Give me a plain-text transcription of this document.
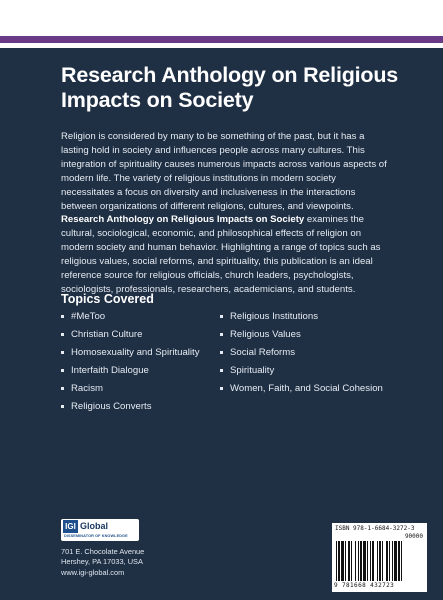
Research Anthology on Religious Impacts on Society

Religion is considered by many to be something of the past, but it has a lasting hold in society and influences people across many cultures. This integration of spirituality causes numerous impacts across various aspects of modern life. The variety of religious institutions in modern society necessitates a focus on diversity and inclusiveness in the interactions between organizations of different religions, cultures, and viewpoints.

Research Anthology on Religious Impacts on Society examines the cultural, sociological, economic, and philosophical effects of religion on modern society and human behavior. Highlighting a range of topics such as religious values, social reforms, and spirituality, this publication is an ideal reference source for religious officials, church leaders, psychologists, sociologists, professionals, researchers, academicians, and students.

Topics Covered
#MeToo
Christian Culture
Homosexuality and Spirituality
Interfaith Dialogue
Racism
Religious Converts
Religious Institutions
Religious Values
Social Reforms
Spirituality
Women, Faith, and Social Cohesion
IGI Global
DISSEMINATOR OF KNOWLEDGE
701 E. Chocolate Avenue
Hershey, PA 17033, USA
www.igi-global.com
ISBN 978-1-6684-3272-3
90000
9 781668 432723
